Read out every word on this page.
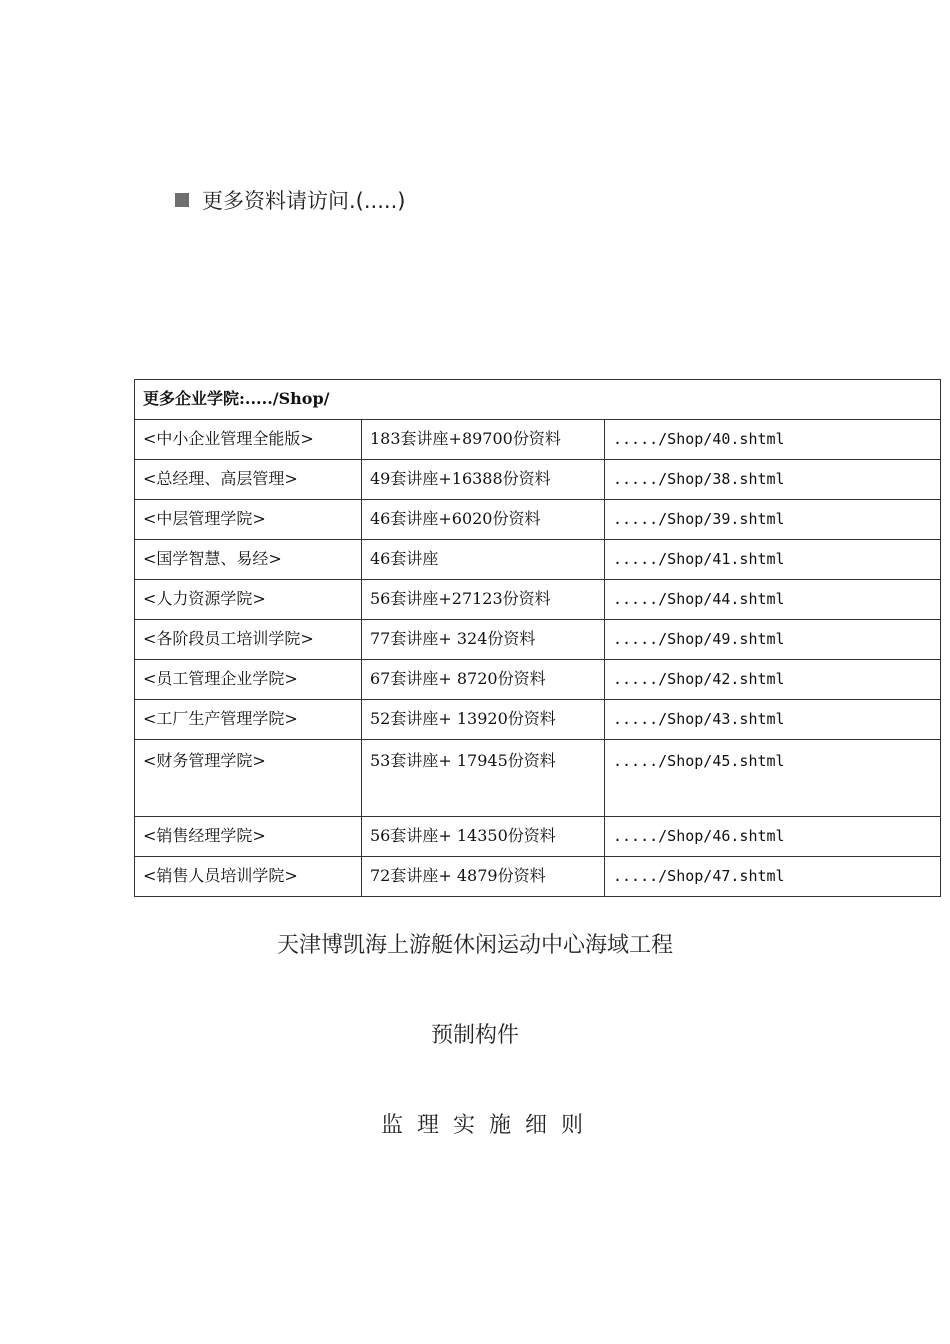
更多资料请访问.(.....)
更多企业学院:...../Shop/		
<中小企业管理全能版>	183套讲座+89700份资料	...../Shop/40.shtml
<总经理、高层管理>	49套讲座+16388份资料	...../Shop/38.shtml
<中层管理学院>	46套讲座+6020份资料	...../Shop/39.shtml
<国学智慧、易经>	46套讲座	...../Shop/41.shtml
<人力资源学院>	56套讲座+27123份资料	...../Shop/44.shtml
<各阶段员工培训学院>	77套讲座+ 324份资料	...../Shop/49.shtml
<员工管理企业学院>	67套讲座+ 8720份资料	...../Shop/42.shtml
<工厂生产管理学院>	52套讲座+ 13920份资料	...../Shop/43.shtml
<财务管理学院>	53套讲座+ 17945份资料	...../Shop/45.shtml
<销售经理学院>	56套讲座+ 14350份资料	...../Shop/46.shtml
<销售人员培训学院>	72套讲座+ 4879份资料	...../Shop/47.shtml
天津博凯海上游艇休闲运动中心海域工程
预制构件
监理实施细则
